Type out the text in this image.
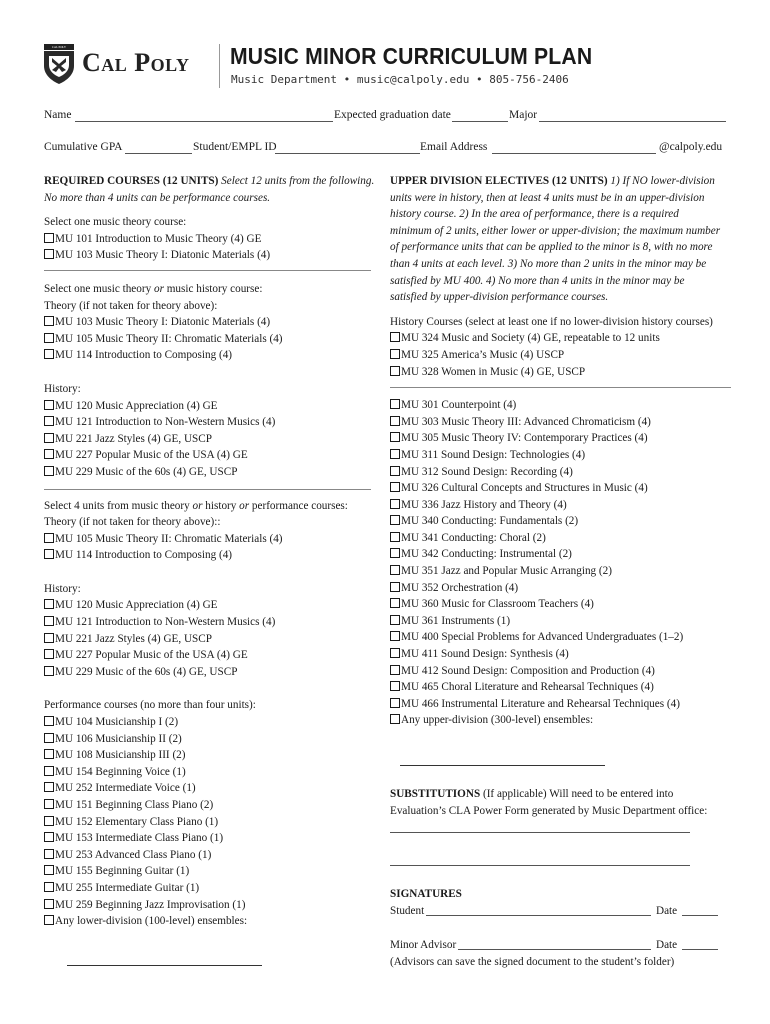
CAL POLY
Cal Poly MUSIC MINOR CURRICULUM PLAN
Music Department • music@calpoly.edu • 805-756-2406
Name	Expected graduation date	Major
Cumulative GPA	Student/EMPL ID	Email Address	@calpoly.edu
REQUIRED COURSES (12 UNITS) Select 12 units from the following.
No more than 4 units can be performance courses.
Select one music theory course:
MU 101 Introduction to Music Theory (4) GE
MU 103 Music Theory I: Diatonic Materials (4)
Select one music theory or music history course:
Theory (if not taken for theory above):
MU 103 Music Theory I: Diatonic Materials (4)
MU 105 Music Theory II: Chromatic Materials (4)
MU 114 Introduction to Composing (4)
History:
MU 120 Music Appreciation (4) GE
MU 121 Introduction to Non-Western Musics (4)
MU 221 Jazz Styles (4) GE, USCP
MU 227 Popular Music of the USA (4) GE
MU 229 Music of the 60s (4) GE, USCP
Select 4 units from music theory or history or performance courses:
Theory (if not taken for theory above)::
MU 105 Music Theory II: Chromatic Materials (4)
MU 114 Introduction to Composing (4)
History:
MU 120 Music Appreciation (4) GE
MU 121 Introduction to Non-Western Musics (4)
MU 221 Jazz Styles (4) GE, USCP
MU 227 Popular Music of the USA (4) GE
MU 229 Music of the 60s (4) GE, USCP
Performance courses (no more than four units):
MU 104 Musicianship I (2)
MU 106 Musicianship II (2)
MU 108 Musicianship III (2)
MU 154 Beginning Voice (1)
MU 252 Intermediate Voice (1)
MU 151 Beginning Class Piano (2)
MU 152 Elementary Class Piano (1)
MU 153 Intermediate Class Piano (1)
MU 253 Advanced Class Piano (1)
MU 155 Beginning Guitar (1)
MU 255 Intermediate Guitar (1)
MU 259 Beginning Jazz Improvisation (1)
Any lower-division (100-level) ensembles:
UPPER DIVISION ELECTIVES (12 UNITS) 1) If NO lower-division
units were in history, then at least 4 units must be in an upper-division
history course. 2) In the area of performance, there is a required
minimum of 2 units, either lower or upper-division; the maximum number
of performance units that can be applied to the minor is 8, with no more
than 4 units at each level. 3) No more than 2 units in the minor may be
satisfied by MU 400. 4) No more than 4 units in the minor may be
satisfied by upper-division performance courses.
History Courses (select at least one if no lower-division history courses)
MU 324 Music and Society (4) GE, repeatable to 12 units
MU 325 America’s Music (4) USCP
MU 328 Women in Music (4) GE, USCP
MU 301 Counterpoint (4)
MU 303 Music Theory III: Advanced Chromaticism (4)
MU 305 Music Theory IV: Contemporary Practices (4)
MU 311 Sound Design: Technologies (4)
MU 312 Sound Design: Recording (4)
MU 326 Cultural Concepts and Structures in Music (4)
MU 336 Jazz History and Theory (4)
MU 340 Conducting: Fundamentals (2)
MU 341 Conducting: Choral (2)
MU 342 Conducting: Instrumental (2)
MU 351 Jazz and Popular Music Arranging (2)
MU 352 Orchestration (4)
MU 360 Music for Classroom Teachers (4)
MU 361 Instruments (1)
MU 400 Special Problems for Advanced Undergraduates (1–2)
MU 411 Sound Design: Synthesis (4)
MU 412 Sound Design: Composition and Production (4)
MU 465 Choral Literature and Rehearsal Techniques (4)
MU 466 Instrumental Literature and Rehearsal Techniques (4)
Any upper-division (300-level) ensembles:
SUBSTITUTIONS (If applicable) Will need to be entered into
Evaluation’s CLA Power Form generated by Music Department office:
SIGNATURES
Student	Date
Minor Advisor	Date
(Advisors can save the signed document to the student’s folder)
